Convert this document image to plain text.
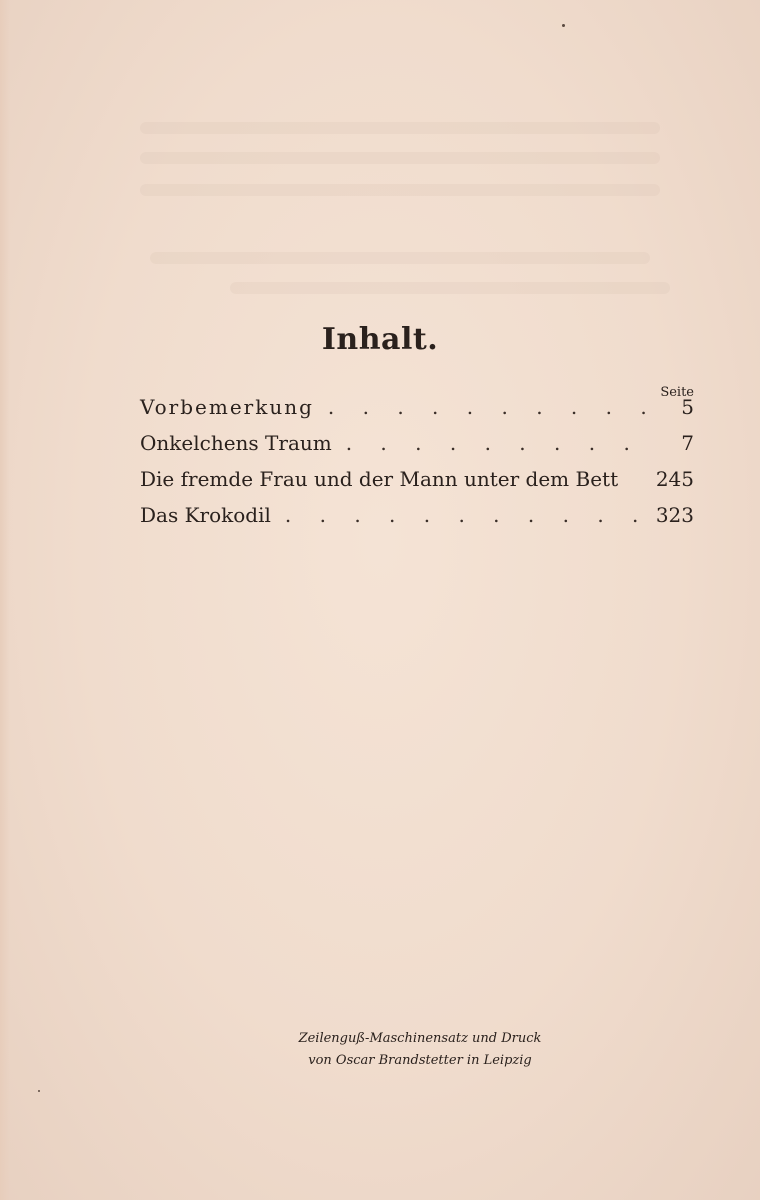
Inhalt.
Seite
Vorbemerkung . . .	5
Onkelchens Traum . . .	7
Die fremde Frau und der Mann unter dem Bett	245
Das Krokodil . . .	323
Zeilenguß-Maschinensatz und Druck
von Oscar Brandstetter in Leipzig
